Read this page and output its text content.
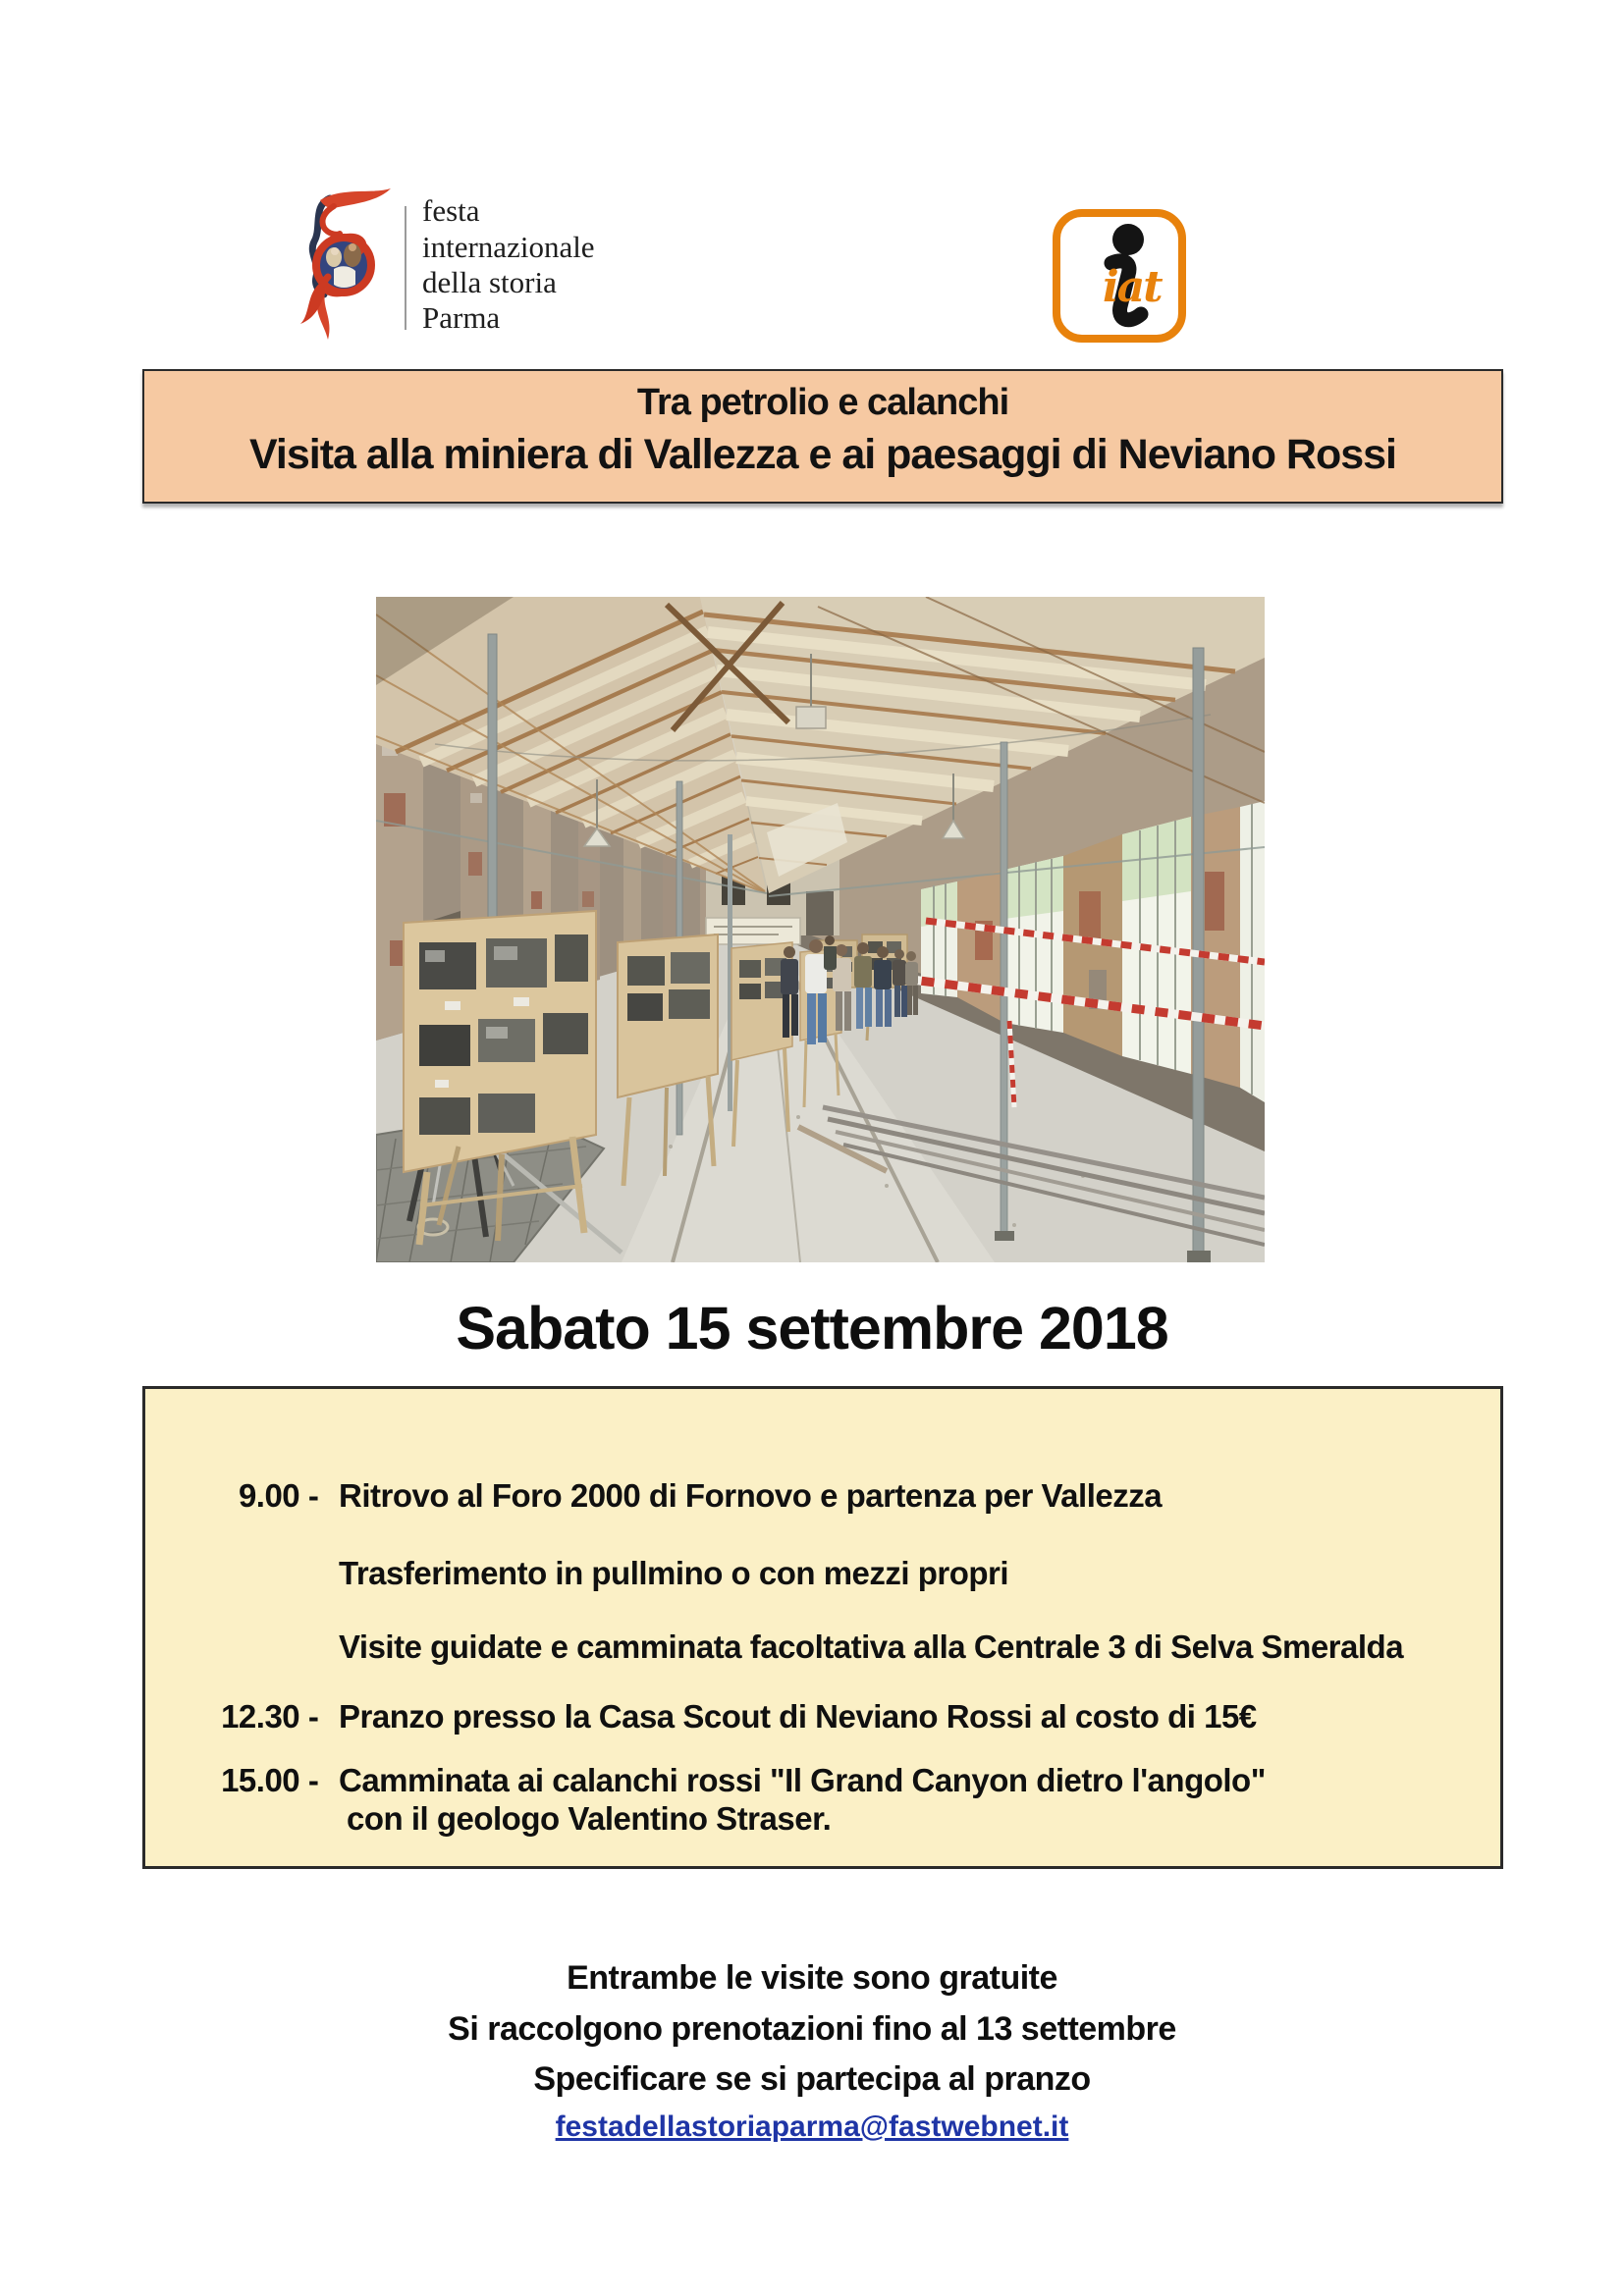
festa
internazionale
della storia
Parma
iat
Tra petrolio e calanchi
Visita alla miniera di Vallezza e ai paesaggi di Neviano Rossi
Sabato 15 settembre 2018
9.00 - Ritrovo al Foro 2000 di Fornovo e partenza per Vallezza
Trasferimento in pullmino o con mezzi propri
Visite guidate e camminata facoltativa alla Centrale 3 di Selva Smeralda
12.30 - Pranzo presso la Casa Scout di Neviano Rossi al costo di 15€
15.00 - Camminata ai calanchi rossi "Il Grand Canyon dietro l'angolo"
con il geologo Valentino Straser.
Entrambe le visite sono gratuite
Si raccolgono prenotazioni fino al 13 settembre
Specificare se si partecipa al pranzo
festadellastoriaparma@fastwebnet.it
